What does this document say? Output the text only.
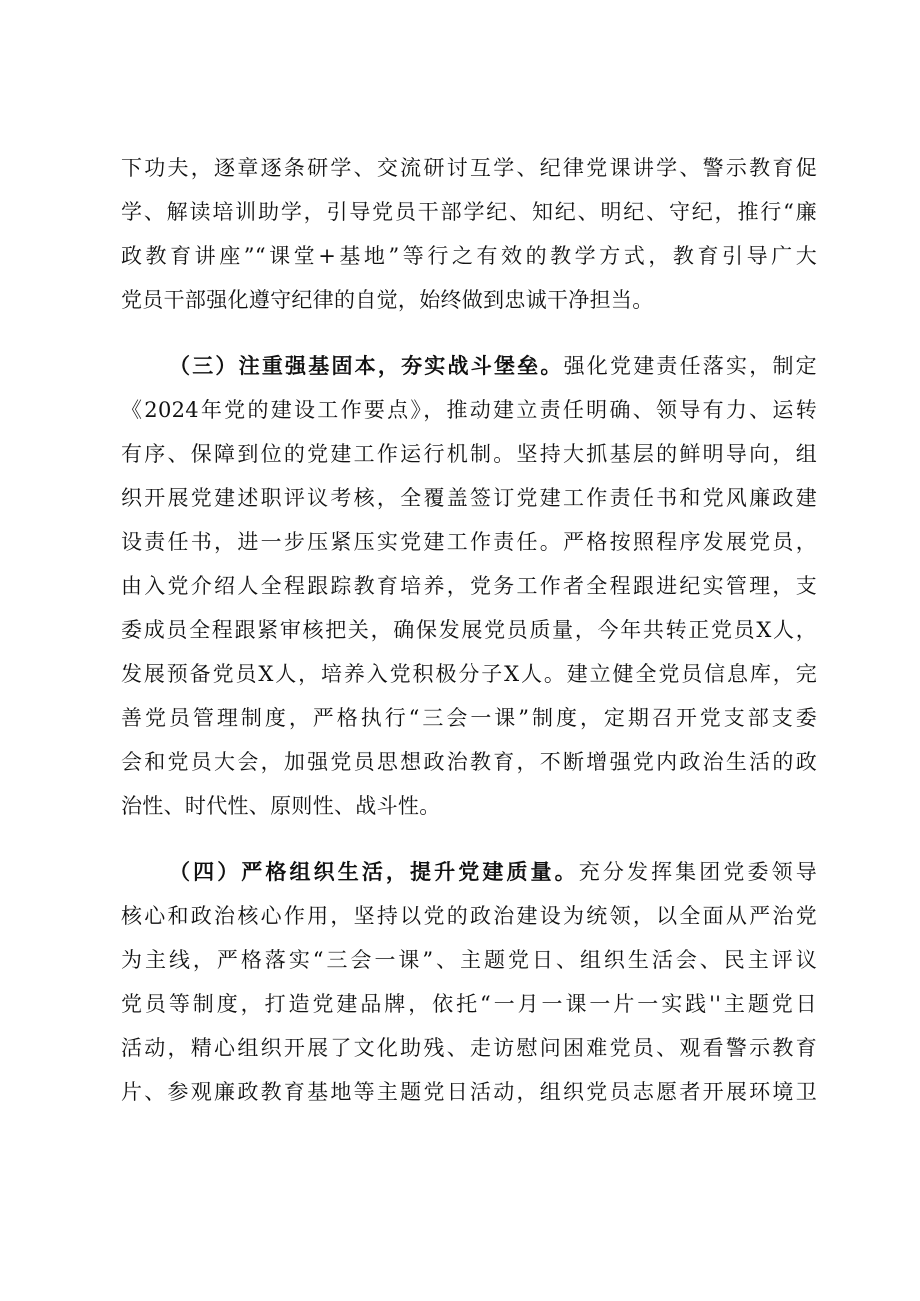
下功夫，逐章逐条研学、交流研讨互学、纪律党课讲学、警示教育促
学、解读培训助学，引导党员干部学纪、知纪、明纪、守纪，推行“廉
政教育讲座”“课堂+基地”等行之有效的教学方式，教育引导广大
党员干部强化遵守纪律的自觉，始终做到忠诚干净担当。
（三）注重强基固本，夯实战斗堡垒。强化党建责任落实，制定
《2024年党的建设工作要点》，推动建立责任明确、领导有力、运转
有序、保障到位的党建工作运行机制。坚持大抓基层的鲜明导向，组
织开展党建述职评议考核，全覆盖签订党建工作责任书和党风廉政建
设责任书，进一步压紧压实党建工作责任。严格按照程序发展党员，
由入党介绍人全程跟踪教育培养，党务工作者全程跟进纪实管理，支
委成员全程跟紧审核把关，确保发展党员质量，今年共转正党员X人，
发展预备党员X人，培养入党积极分子X人。建立健全党员信息库，完
善党员管理制度，严格执行“三会一课”制度，定期召开党支部支委
会和党员大会，加强党员思想政治教育，不断增强党内政治生活的政
治性、时代性、原则性、战斗性。
（四）严格组织生活，提升党建质量。充分发挥集团党委领导
核心和政治核心作用，坚持以党的政治建设为统领，以全面从严治党
为主线，严格落实“三会一课”、主题党日、组织生活会、民主评议
党员等制度，打造党建品牌，依托“一月一课一片一实践''主题党日
活动，精心组织开展了文化助残、走访慰问困难党员、观看警示教育
片、参观廉政教育基地等主题党日活动，组织党员志愿者开展环境卫
